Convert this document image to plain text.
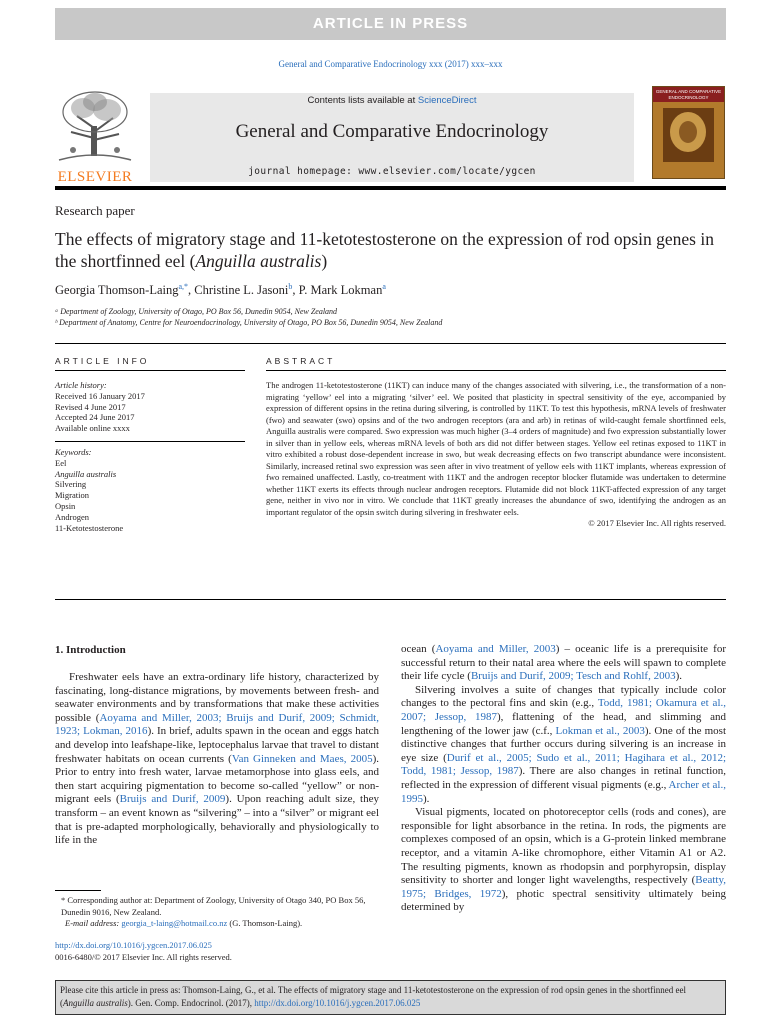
ARTICLE IN PRESS
General and Comparative Endocrinology xxx (2017) xxx–xxx
ELSEVIER
Contents lists available at ScienceDirect
General and Comparative Endocrinology
journal homepage: www.elsevier.com/locate/ygcen
GENERAL AND COMPARATIVE ENDOCRINOLOGY
Research paper
The effects of migratory stage and 11-ketotestosterone on the expression of rod opsin genes in the shortfinned eel (Anguilla australis)
Georgia Thomson-Laing$^{a,*}$, Christine L. Jasoni$^b$, P. Mark Lokman$^a$
ᵃ Department of Zoology, University of Otago, PO Box 56, Dunedin 9054, New Zealand
ᵇ Department of Anatomy, Centre for Neuroendocrinology, University of Otago, PO Box 56, Dunedin 9054, New Zealand
ARTICLE INFO	ABSTRACT
Article history:
Received 16 January 2017
Revised 4 June 2017
Accepted 24 June 2017
Available online xxxx
Keywords:
Eel
Anguilla australis
Silvering
Migration
Opsin
Androgen
11-Ketotestosterone
The androgen 11-ketotestosterone (11KT) can induce many of the changes associated with silvering, i.e., the transformation of a non-migrating ‘yellow’ eel into a migrating ‘silver’ eel. We posited that plasticity in spectral sensitivity of the eye, accompanied by expression of different opsins in the retina during silvering, is controlled by 11KT. To test this hypothesis, mRNA levels of freshwater (fwo) and seawater (swo) opsins and of the two androgen receptors (ara and arb) in retinas of wild-caught female shortfinned eels, Anguilla australis were compared. Swo expression was much higher (3–4 orders of magnitude) and fwo expression substantially lower in silver than in yellow eels, whereas mRNA levels of both ars did not differ between stages. Yellow eel retinas exposed to 11KT in vitro exhibited a robust dose-dependent increase in swo, but weak decreasing effects on fwo transcript abundance were inconsistent. Similarly, increased retinal swo expression was seen after in vivo treatment of yellow eels with 11KT implants, whereas expression of fwo remained unaffected. Lastly, co-treatment with 11KT and the androgen receptor blocker flutamide was undertaken to determine whether 11KT exerts its effects through nuclear androgen receptors. Flutamide did not block 11KT-affected expression of any target gene, neither in vivo nor in vitro. We conclude that 11KT greatly increases the abundance of swo, identifying the androgen as an important regulator of the opsin switch during silvering in freshwater eels.
© 2017 Elsevier Inc. All rights reserved.
1. Introduction

Freshwater eels have an extra-ordinary life history, characterized by fascinating, long-distance migrations, by movements between fresh- and seawater environments and by transformations that make these activities possible (Aoyama and Miller, 2003; Bruijs and Durif, 2009; Schmidt, 1923; Lokman, 2016). In brief, adults spawn in the ocean and eggs hatch and develop into leafshape-like, leptocephalus larvae that travel to distant freshwater habitats on ocean currents (Van Ginneken and Maes, 2005). Prior to entry into fresh water, larvae metamorphose into glass eels, and then start acquiring pigmentation to become so-called “yellow” or non-migrant eels (Bruijs and Durif, 2009). Upon reaching adult size, they transform – an event known as “silvering” – into a “silver” or migrant eel that is pre-adapted morphologically, behaviorally and physiologically to life in the

* Corresponding author at: Department of Zoology, University of Otago 340, PO Box 56, Dunedin 9016, New Zealand.
E-mail address: georgia_t-laing@hotmail.co.nz (G. Thomson-Laing).
http://dx.doi.org/10.1016/j.ygcen.2017.06.025
0016-6480/© 2017 Elsevier Inc. All rights reserved.

ocean (Aoyama and Miller, 2003) – oceanic life is a prerequisite for successful return to their natal area where the eels will spawn to complete their life cycle (Bruijs and Durif, 2009; Tesch and Rohlf, 2003).

Silvering involves a suite of changes that typically include color changes to the pectoral fins and skin (e.g., Todd, 1981; Okamura et al., 2007; Jessop, 1987), flattening of the head, and slimming and lengthening of the lower jaw (c.f., Lokman et al., 2003). One of the most distinctive changes that further occurs during silvering is an increase in eye size (Durif et al., 2005; Sudo et al., 2011; Hagihara et al., 2012; Todd, 1981; Jessop, 1987). There are also changes in retinal function, reflected in the expression of different visual pigments (e.g., Archer et al., 1995).

Visual pigments, located on photoreceptor cells (rods and cones), are responsible for light absorbance in the retina. In rods, the pigments are complexes composed of an opsin, which is a G-protein linked membrane receptor, and a vitamin A-like chromophore, either Vitamin A1 or A2. The resulting pigments, known as rhodopsin and porphyropsin, display sensitivity to shorter and longer light wavelengths, respectively (Beatty, 1975; Bridges, 1972), photic spectral sensitivity ultimately being determined by

Please cite this article in press as: Thomson-Laing, G., et al. The effects of migratory stage and 11-ketotestosterone on the expression of rod opsin genes in the shortfinned eel (Anguilla australis). Gen. Comp. Endocrinol. (2017), http://dx.doi.org/10.1016/j.ygcen.2017.06.025
